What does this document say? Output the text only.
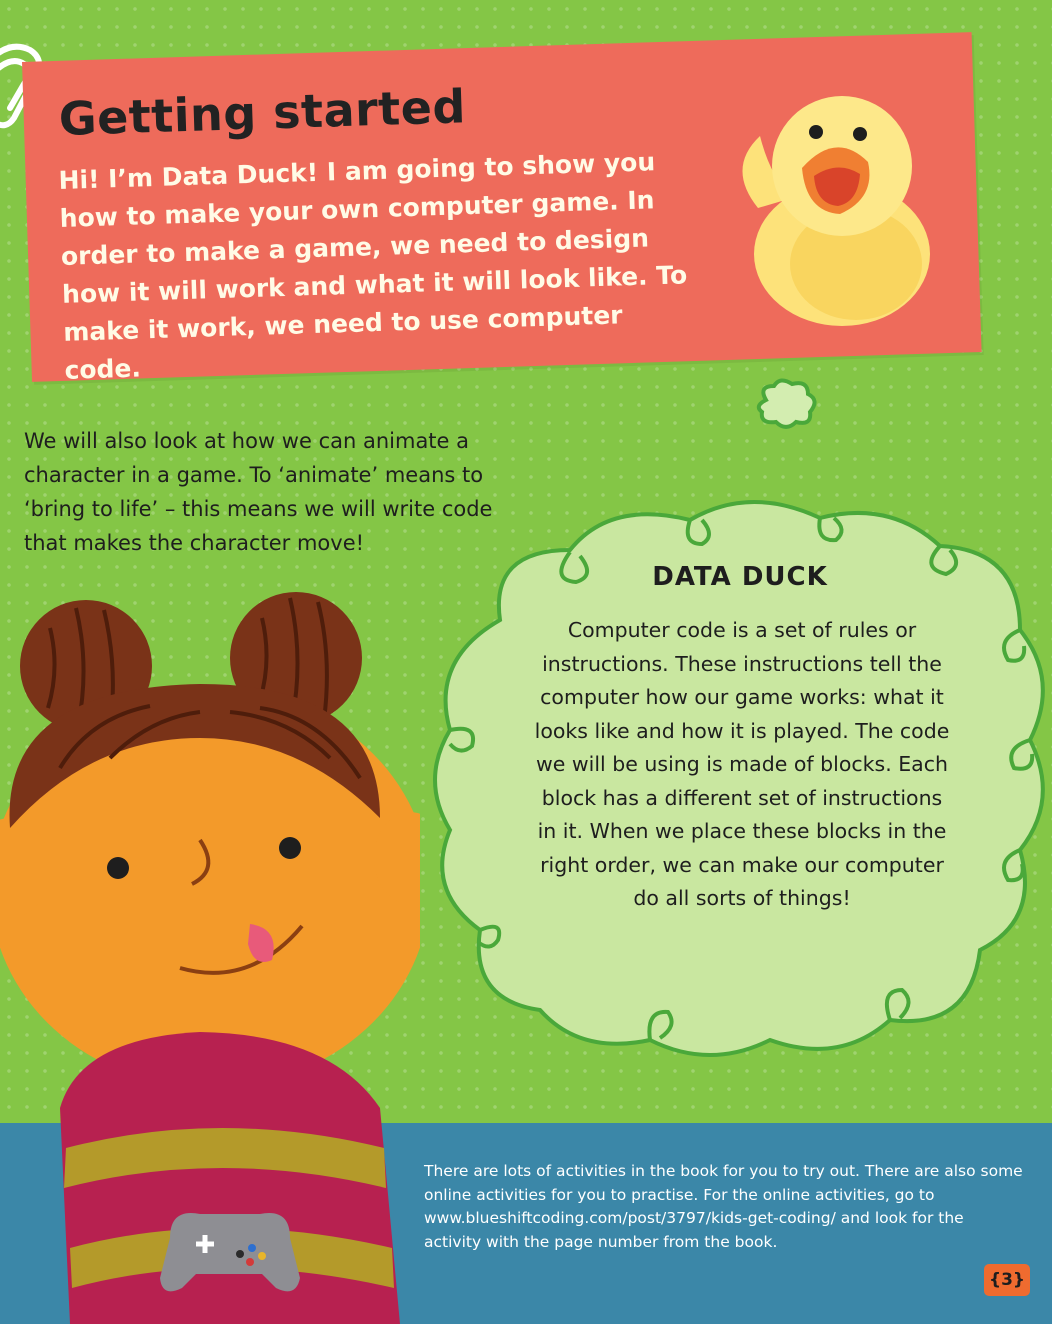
Getting started

Hi! I’m Data Duck! I am going to show you how to make your own computer game. In order to make a game, we need to design how it will work and what it will look like. To make it work, we need to use computer code.

We will also look at how we can animate a character in a game. To ‘animate’ means to ‘bring to life’ – this means we will write code that makes the character move!

DATA DUCK

Computer code is a set of rules or instructions. These instructions tell the computer how our game works: what it looks like and how it is played. The code we will be using is made of blocks. Each block has a different set of instructions in it. When we place these blocks in the right order, we can make our computer do all sorts of things!

There are lots of activities in the book for you to try out. There are also some online activities for you to practise. For the online activities, go to www.blueshiftcoding.com/post/3797/kids-get-coding/ and look for the activity with the page number from the book.

{3}
